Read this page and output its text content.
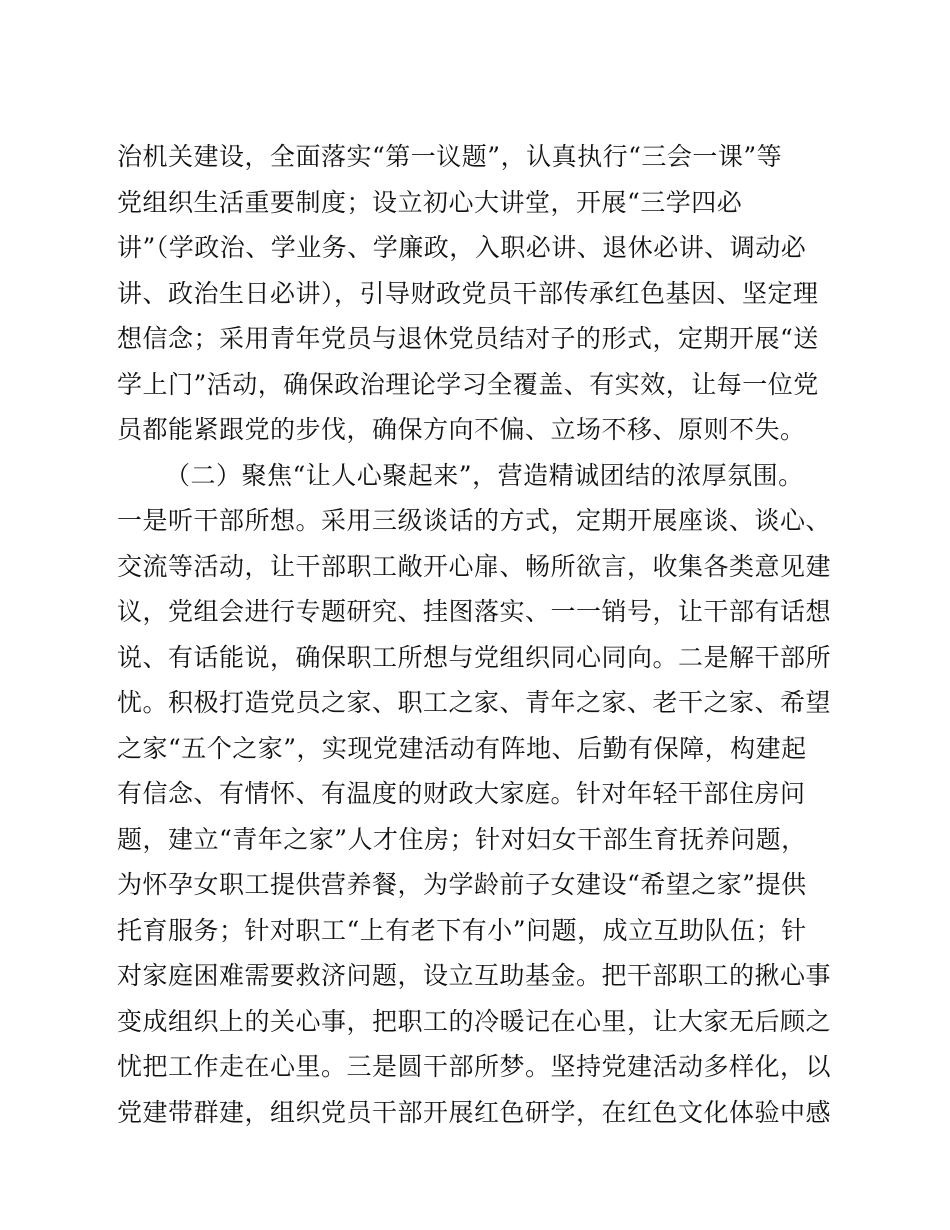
治机关建设，全面落实“第一议题”，认真执行“三会一课”等
党组织生活重要制度；设立初心大讲堂，开展“三学四必
讲”（学政治、学业务、学廉政，入职必讲、退休必讲、调动必
讲、政治生日必讲），引导财政党员干部传承红色基因、坚定理
想信念；采用青年党员与退休党员结对子的形式，定期开展“送
学上门”活动，确保政治理论学习全覆盖、有实效，让每一位党
员都能紧跟党的步伐，确保方向不偏、立场不移、原则不失。
（二）聚焦“让人心聚起来”，营造精诚团结的浓厚氛围。
一是听干部所想。采用三级谈话的方式，定期开展座谈、谈心、
交流等活动，让干部职工敞开心扉、畅所欲言，收集各类意见建
议，党组会进行专题研究、挂图落实、一一销号，让干部有话想
说、有话能说，确保职工所想与党组织同心同向。二是解干部所
忧。积极打造党员之家、职工之家、青年之家、老干之家、希望
之家“五个之家”，实现党建活动有阵地、后勤有保障，构建起
有信念、有情怀、有温度的财政大家庭。针对年轻干部住房问
题，建立“青年之家”人才住房；针对妇女干部生育抚养问题，
为怀孕女职工提供营养餐，为学龄前子女建设“希望之家”提供
托育服务；针对职工“上有老下有小”问题，成立互助队伍；针
对家庭困难需要救济问题，设立互助基金。把干部职工的揪心事
变成组织上的关心事，把职工的冷暖记在心里，让大家无后顾之
忧把工作走在心里。三是圆干部所梦。坚持党建活动多样化，以
党建带群建，组织党员干部开展红色研学，在红色文化体验中感
